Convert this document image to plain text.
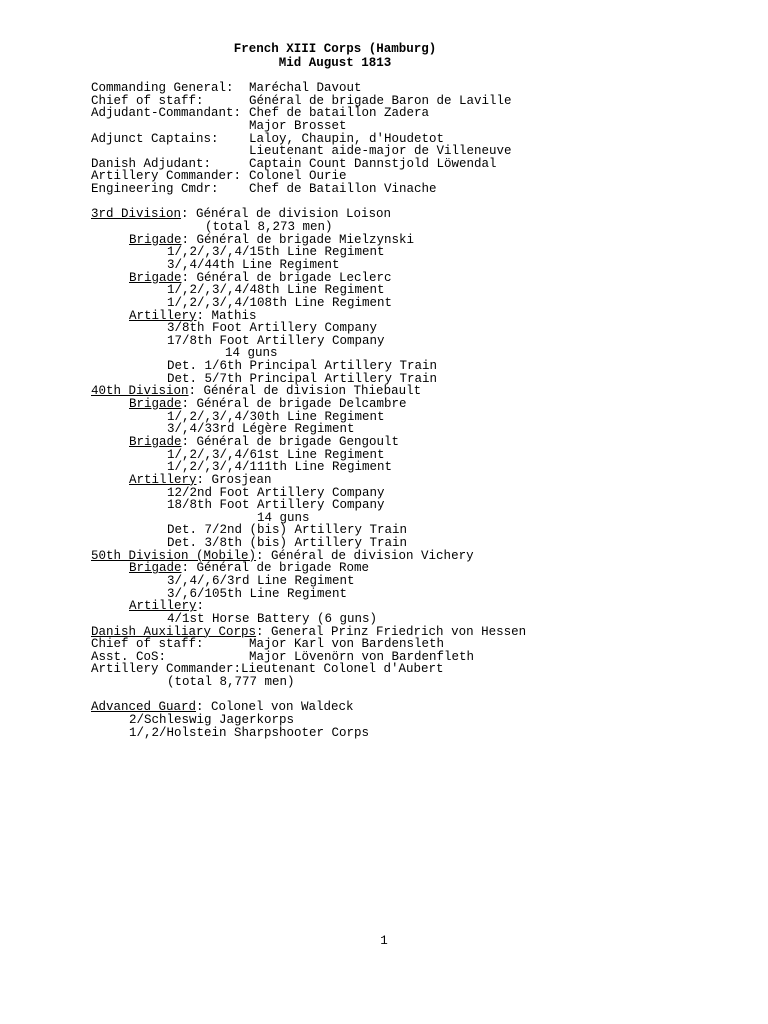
French XIII Corps (Hamburg)
Mid August 1813
Commanding General: Maréchal Davout
Chief of staff:	Général de brigade Baron de Laville
Adjudant-Commandant: Chef de bataillon Zadera
Major Brosset
Adjunct Captains: Laloy, Chaupin, d'Houdetot
Lieutenant aide-major de Villeneuve
Danish Adjudant:	Captain Count Dannstjold Löwendal
Artillery Commander: Colonel Ourie
Engineering Cmdr: Chef de Bataillon Vinache
3rd Division: Général de division Loison
(total 8,273 men)
Brigade: Général de brigade Mielzynski
1/,2/,3/,4/15th Line Regiment
3/,4/44th Line Regiment
Brigade: Général de brigade Leclerc
1/,2/,3/,4/48th Line Regiment
1/,2/,3/,4/108th Line Regiment
Artillery: Mathis
3/8th Foot Artillery Company
17/8th Foot Artillery Company
14 guns
Det. 1/6th Principal Artillery Train
Det. 5/7th Principal Artillery Train
40th Division: Général de division Thiebault
Brigade: Général de brigade Delcambre
1/,2/,3/,4/30th Line Regiment
3/,4/33rd Légère Regiment
Brigade: Général de brigade Gengoult
1/,2/,3/,4/61st Line Regiment
1/,2/,3/,4/111th Line Regiment
Artillery: Grosjean
12/2nd Foot Artillery Company
18/8th Foot Artillery Company
14 guns
Det. 7/2nd (bis) Artillery Train
Det. 3/8th (bis) Artillery Train
50th Division (Mobile): Général de division Vichery
Brigade: Général de brigade Rome
3/,4/,6/3rd Line Regiment
3/,6/105th Line Regiment
Artillery:
4/1st Horse Battery (6 guns)
Danish Auxiliary Corps: General Prinz Friedrich von Hessen
Chief of staff:	Major Karl von Bardensleth
Asst. CoS:	Major Lövenörn von Bardenfleth
Artillery Commander:Lieutenant Colonel d'Aubert
(total 8,777 men)
Advanced Guard: Colonel von Waldeck
2/Schleswig Jagerkorps
1/,2/Holstein Sharpshooter Corps
1
